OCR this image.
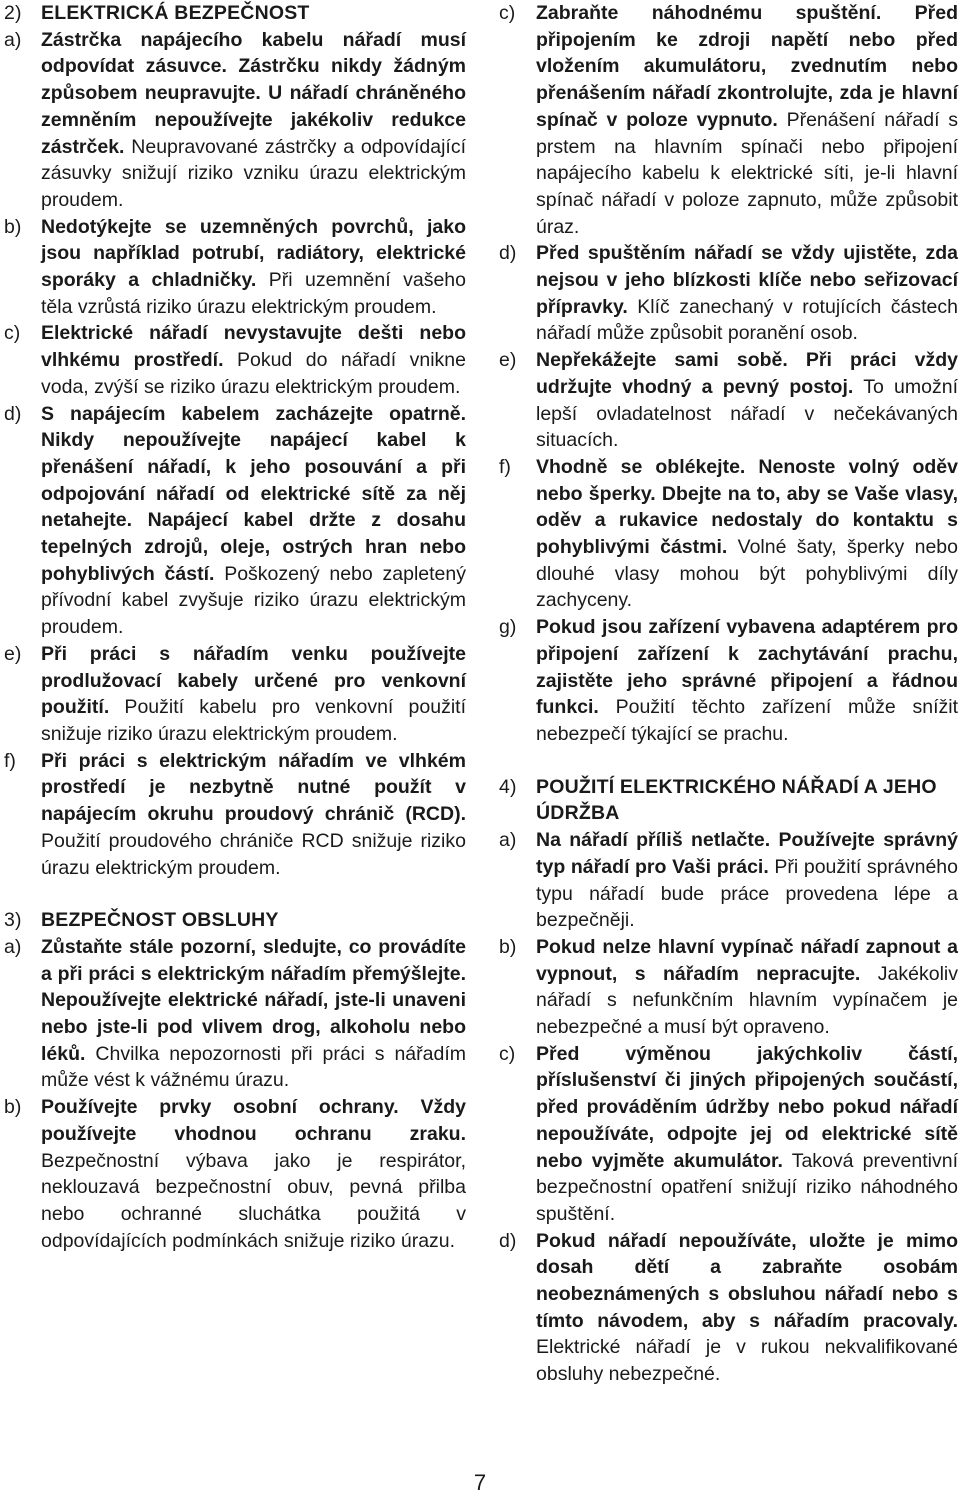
2) ELEKTRICKÁ BEZPEČNOST
a)	Zástrčka napájecího kabelu nářadí musí odpovídat zásuvce. Zástrčku nikdy žádným způsobem neupravujte. U nářadí chráněného zemněním nepoužívejte jakékoliv redukce zástrček. Neupravované zástrčky a odpovídající zásuvky snižují riziko vzniku úrazu elektrickým proudem.
b)	Nedotýkejte se uzemněných povrchů, jako jsou například potrubí, radiátory, elektrické sporáky a chladničky. Při uzemnění vašeho těla vzrůstá riziko úrazu elektrickým proudem.
c)	Elektrické nářadí nevystavujte dešti nebo vlhkému prostředí. Pokud do nářadí vnikne voda, zvýší se riziko úrazu elektrickým proudem.
d)	S napájecím kabelem zacházejte opatrně. Nikdy nepoužívejte napájecí kabel k přenášení nářadí, k jeho posouvání a při odpojování nářadí od elektrické sítě za něj netahejte. Napájecí kabel držte z dosahu tepelných zdrojů, oleje, ostrých hran nebo pohyblivých částí. Poškozený nebo zapletený přívodní kabel zvyšuje riziko úrazu elektrickým proudem.
e)	Při práci s nářadím venku používejte prodlužovací kabely určené pro venkovní použití. Použití kabelu pro venkovní použití snižuje riziko úrazu elektrickým proudem.
f)	Při práci s elektrickým nářadím ve vlhkém prostředí je nezbytně nutné použít v napájecím okruhu proudový chránič (RCD). Použití proudového chrániče RCD snižuje riziko úrazu elektrickým proudem.
3) BEZPEČNOST OBSLUHY
a)	Zůstaňte stále pozorní, sledujte, co provádíte a při práci s elektrickým nářadím přemýšlejte. Nepoužívejte elektrické nářadí, jste-li unaveni nebo jste-li pod vlivem drog, alkoholu nebo léků. Chvilka nepozornosti při práci s nářadím může vést k vážnému úrazu.
b)	Používejte prvky osobní ochrany. Vždy používejte vhodnou ochranu zraku. Bezpečnostní výbava jako je respirátor, neklouzavá bezpečnostní obuv, pevná přilba nebo ochranné sluchátka použitá v odpovídajících podmínkách snižuje riziko úrazu.
c)	Zabraňte náhodnému spuštění. Před připojením ke zdroji napětí nebo před vložením akumulátoru, zvednutím nebo přenášením nářadí zkontrolujte, zda je hlavní spínač v poloze vypnuto. Přenášení nářadí s prstem na hlavním spínači nebo připojení napájecího kabelu k elektrické síti, je-li hlavní spínač nářadí v poloze zapnuto, může způsobit úraz.
d)	Před spuštěním nářadí se vždy ujistěte, zda nejsou v jeho blízkosti klíče nebo seřizovací přípravky. Klíč zanechaný v rotujících částech nářadí může způsobit poranění osob.
e)	Nepřekážejte sami sobě. Při práci vždy udržujte vhodný a pevný postoj. To umožní lepší ovladatelnost nářadí v nečekávaných situacích.
f)	Vhodně se oblékejte. Nenoste volný oděv nebo šperky. Dbejte na to, aby se Vaše vlasy, oděv a rukavice nedostaly do kontaktu s pohyblivými částmi. Volné šaty, šperky nebo dlouhé vlasy mohou být pohyblivými díly zachyceny.
g)	Pokud jsou zařízení vybavena adaptérem pro připojení zařízení k zachytávání prachu, zajistěte jeho správné připojení a řádnou funkci. Použití těchto zařízení může snížit nebezpečí týkající se prachu.
4) POUŽITÍ ELEKTRICKÉHO NÁŘADÍ A JEHO ÚDRŽBA
a)	Na nářadí příliš netlačte. Používejte správný typ nářadí pro Vaši práci. Při použití správného typu nářadí bude práce provedena lépe a bezpečněji.
b)	Pokud nelze hlavní vypínač nářadí zapnout a vypnout, s nářadím nepracujte. Jakékoliv nářadí s nefunkčním hlavním vypínačem je nebezpečné a musí být opraveno.
c)	Před výměnou jakýchkoliv částí, příslušenství či jiných připojených součástí, před prováděním údržby nebo pokud nářadí nepoužíváte, odpojte jej od elektrické sítě nebo vyjměte akumulátor. Taková preventivní bezpečnostní opatření snižují riziko náhodného spuštění.
d)	Pokud nářadí nepoužíváte, uložte je mimo dosah dětí a zabraňte osobám neobeznámených s obsluhou nářadí nebo s tímto návodem, aby s nářadím pracovaly. Elektrické nářadí je v rukou nekvalifikované obsluhy nebezpečné.
7
